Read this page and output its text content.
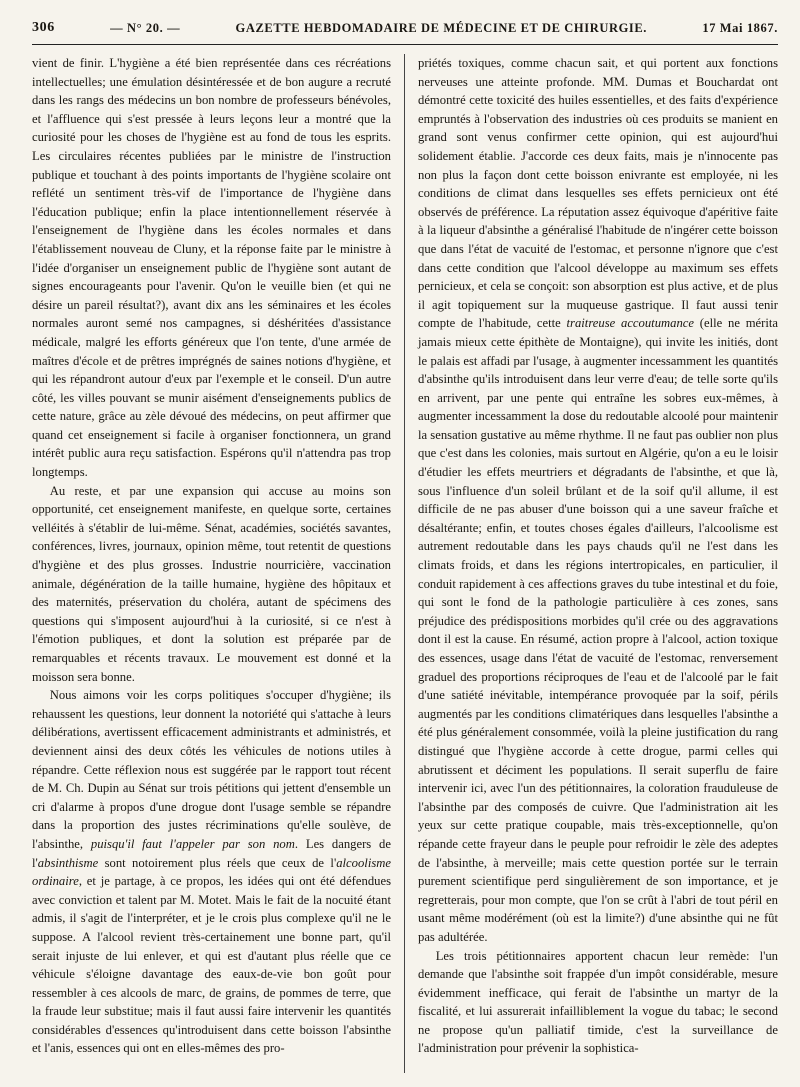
306	— N° 20. —	GAZETTE HEBDOMADAIRE DE MÉDECINE ET DE CHIRURGIE.	17 Mai 1867.

vient de finir. L'hygiène a été bien représentée dans ces récréations intellectuelles; une émulation désintéressée et de bon augure a recruté dans les rangs des médecins un bon nombre de professeurs bénévoles, et l'affluence qui s'est pressée à leurs leçons leur a montré que la curiosité pour les choses de l'hygiène est au fond de tous les esprits. Les circulaires récentes publiées par le ministre de l'instruction publique et touchant à des points importants de l'hygiène scolaire ont reflété un sentiment très-vif de l'importance de l'hygiène dans l'éducation publique; enfin la place intentionnellement réservée à l'enseignement de l'hygiène dans les écoles normales et dans l'établissement nouveau de Cluny, et la réponse faite par le ministre à l'idée d'organiser un enseignement public de l'hygiène sont autant de signes encourageants pour l'avenir. Qu'on le veuille bien (et qui ne désire un pareil résultat?), avant dix ans les séminaires et les écoles normales auront semé nos campagnes, si déshéritées d'assistance médicale, malgré les efforts généreux que l'on tente, d'une armée de maîtres d'école et de prêtres imprégnés de saines notions d'hygiène, et qui les répandront autour d'eux par l'exemple et le conseil. D'un autre côté, les villes pouvant se munir aisément d'enseignements publics de cette nature, grâce au zèle dévoué des médecins, on peut affirmer que quand cet enseignement si facile à organiser fonctionnera, un grand intérêt public aura reçu satisfaction. Espérons qu'il n'attendra pas trop longtemps.

Au reste, et par une expansion qui accuse au moins son opportunité, cet enseignement manifeste, en quelque sorte, certaines velléités à s'établir de lui-même. Sénat, académies, sociétés savantes, conférences, livres, journaux, opinion même, tout retentit de questions d'hygiène et des plus grosses. Industrie nourricière, vaccination animale, dégénération de la taille humaine, hygiène des hôpitaux et des maternités, préservation du choléra, autant de spécimens des questions qui s'imposent aujourd'hui à la curiosité, si ce n'est à l'émotion publiques, et dont la solution est préparée par de remarquables et récents travaux. Le mouvement est donné et la moisson sera bonne.

Nous aimons voir les corps politiques s'occuper d'hygiène; ils rehaussent les questions, leur donnent la notoriété qui s'attache à leurs délibérations, avertissent efficacement administrants et administrés, et deviennent ainsi des deux côtés les véhicules de notions utiles à répandre. Cette réflexion nous est suggérée par le rapport tout récent de M. Ch. Dupin au Sénat sur trois pétitions qui jettent d'ensemble un cri d'alarme à propos d'une drogue dont l'usage semble se répandre dans la proportion des justes récriminations qu'elle soulève, de l'absinthe, puisqu'il faut l'appeler par son nom. Les dangers de l'absinthisme sont notoirement plus réels que ceux de l'alcoolisme ordinaire, et je partage, à ce propos, les idées qui ont été défendues avec conviction et talent par M. Motet. Mais le fait de la nocuité étant admis, il s'agit de l'interpréter, et je le crois plus complexe qu'il ne le suppose. A l'alcool revient très-certainement une bonne part, qu'il serait injuste de lui enlever, et qui est d'autant plus réelle que ce véhicule s'éloigne davantage des eaux-de-vie bon goût pour ressembler à ces alcools de marc, de grains, de pommes de terre, que la fraude leur substitue; mais il faut aussi faire intervenir les quantités considérables d'essences qu'introduisent dans cette boisson l'absinthe et l'anis, essences qui ont en elles-mêmes des pro-

priétés toxiques, comme chacun sait, et qui portent aux fonctions nerveuses une atteinte profonde. MM. Dumas et Bouchardat ont démontré cette toxicité des huiles essentielles, et des faits d'expérience empruntés à l'observation des industries où ces produits se manient en grand sont venus confirmer cette opinion, qui est aujourd'hui solidement établie. J'accorde ces deux faits, mais je n'innocente pas non plus la façon dont cette boisson enivrante est employée, ni les conditions de climat dans lesquelles ses effets pernicieux ont été observés de préférence. La réputation assez équivoque d'apéritive faite à la liqueur d'absinthe a généralisé l'habitude de n'ingérer cette boisson que dans l'état de vacuité de l'estomac, et personne n'ignore que c'est dans cette condition que l'alcool développe au maximum ses effets pernicieux, et cela se conçoit: son absorption est plus active, et de plus il agit topiquement sur la muqueuse gastrique. Il faut aussi tenir compte de l'habitude, cette traitreuse accoutumance (elle ne mérita jamais mieux cette épithète de Montaigne), qui invite les initiés, dont le palais est affadi par l'usage, à augmenter incessamment les quantités d'absinthe qu'ils introduisent dans leur verre d'eau; de telle sorte qu'ils en arrivent, par une pente qui entraîne les sobres eux-mêmes, à augmenter incessamment la dose du redoutable alcoolé pour maintenir la sensation gustative au même rhythme. Il ne faut pas oublier non plus que c'est dans les colonies, mais surtout en Algérie, qu'on a eu le loisir d'étudier les effets meurtriers et dégradants de l'absinthe, et que là, sous l'influence d'un soleil brûlant et de la soif qu'il allume, il est difficile de ne pas abuser d'une boisson qui a une saveur fraîche et désaltérante; enfin, et toutes choses égales d'ailleurs, l'alcoolisme est autrement redoutable dans les pays chauds qu'il ne l'est dans les climats froids, et dans les régions intertropicales, en particulier, il conduit rapidement à ces affections graves du tube intestinal et du foie, qui sont le fond de la pathologie particulière à ces zones, sans préjudice des prédispositions morbides qu'il crée ou des aggravations dont il est la cause. En résumé, action propre à l'alcool, action toxique des essences, usage dans l'état de vacuité de l'estomac, renversement graduel des proportions réciproques de l'eau et de l'alcoolé par le fait d'une satiété inévitable, intempérance provoquée par la soif, périls augmentés par les conditions climatériques dans lesquelles l'absinthe a été plus généralement consommée, voilà la pleine justification du rang distingué que l'hygiène accorde à cette drogue, parmi celles qui abrutissent et déciment les populations. Il serait superflu de faire intervenir ici, avec l'un des pétitionnaires, la coloration frauduleuse de l'absinthe par des composés de cuivre. Que l'administration ait les yeux sur cette pratique coupable, mais très-exceptionnelle, qu'on répande cette frayeur dans le peuple pour refroidir le zèle des adeptes de l'absinthe, à merveille; mais cette question portée sur le terrain purement scientifique perd singulièrement de son importance, et je regretterais, pour mon compte, que l'on se crût à l'abri de tout péril en usant même modérément (où est la limite?) d'une absinthe qui ne fût pas adultérée.

Les trois pétitionnaires apportent chacun leur remède: l'un demande que l'absinthe soit frappée d'un impôt considérable, mesure évidemment inefficace, qui ferait de l'absinthe un martyr de la fiscalité, et lui assurerait infailliblement la vogue du tabac; le second ne propose qu'un palliatif timide, c'est la surveillance de l'administration pour prévenir la sophistica-
